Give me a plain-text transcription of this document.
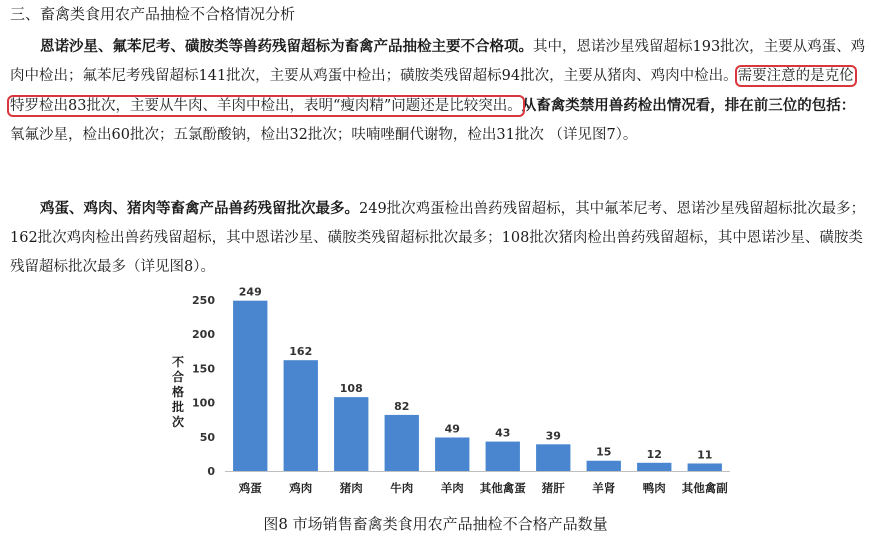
三、畜禽类食用农产品抽检不合格情况分析
恩诺沙星、氟苯尼考、磺胺类等兽药残留超标为畜禽产品抽检主要不合格项。其中，恩诺沙星残留超标193批次，主要从鸡蛋、鸡肉中检出；氟苯尼考残留超标141批次，主要从鸡蛋中检出；磺胺类残留超标94批次，主要从猪肉、鸡肉中检出。需要注意的是克伦特罗检出83批次，主要从牛肉、羊肉中检出，表明“瘦肉精”问题还是比较突出。从畜禽类禁用兽药检出情况看，排在前三位的包括：氧氟沙星，检出60批次；五氯酚酸钠，检出32批次；呋喃唑酮代谢物，检出31批次 （详见图7）。
鸡蛋、鸡肉、猪肉等畜禽产品兽药残留批次最多。249批次鸡蛋检出兽药残留超标，其中氟苯尼考、恩诺沙星残留超标批次最多；162批次鸡肉检出兽药残留超标，其中恩诺沙星、磺胺类残留超标批次最多；108批次猪肉检出兽药残留超标，其中恩诺沙星、磺胺类残留超标批次最多（详见图8）。
不合格批次
0
50
100
150
200
250
249
鸡蛋
162
鸡肉
108
猪肉
82
牛肉
49
羊肉
43
其他禽蛋
39
猪肝
15
羊肾
12
鸭肉
11
其他禽副
图8 市场销售畜禽类食用农产品抽检不合格产品数量
